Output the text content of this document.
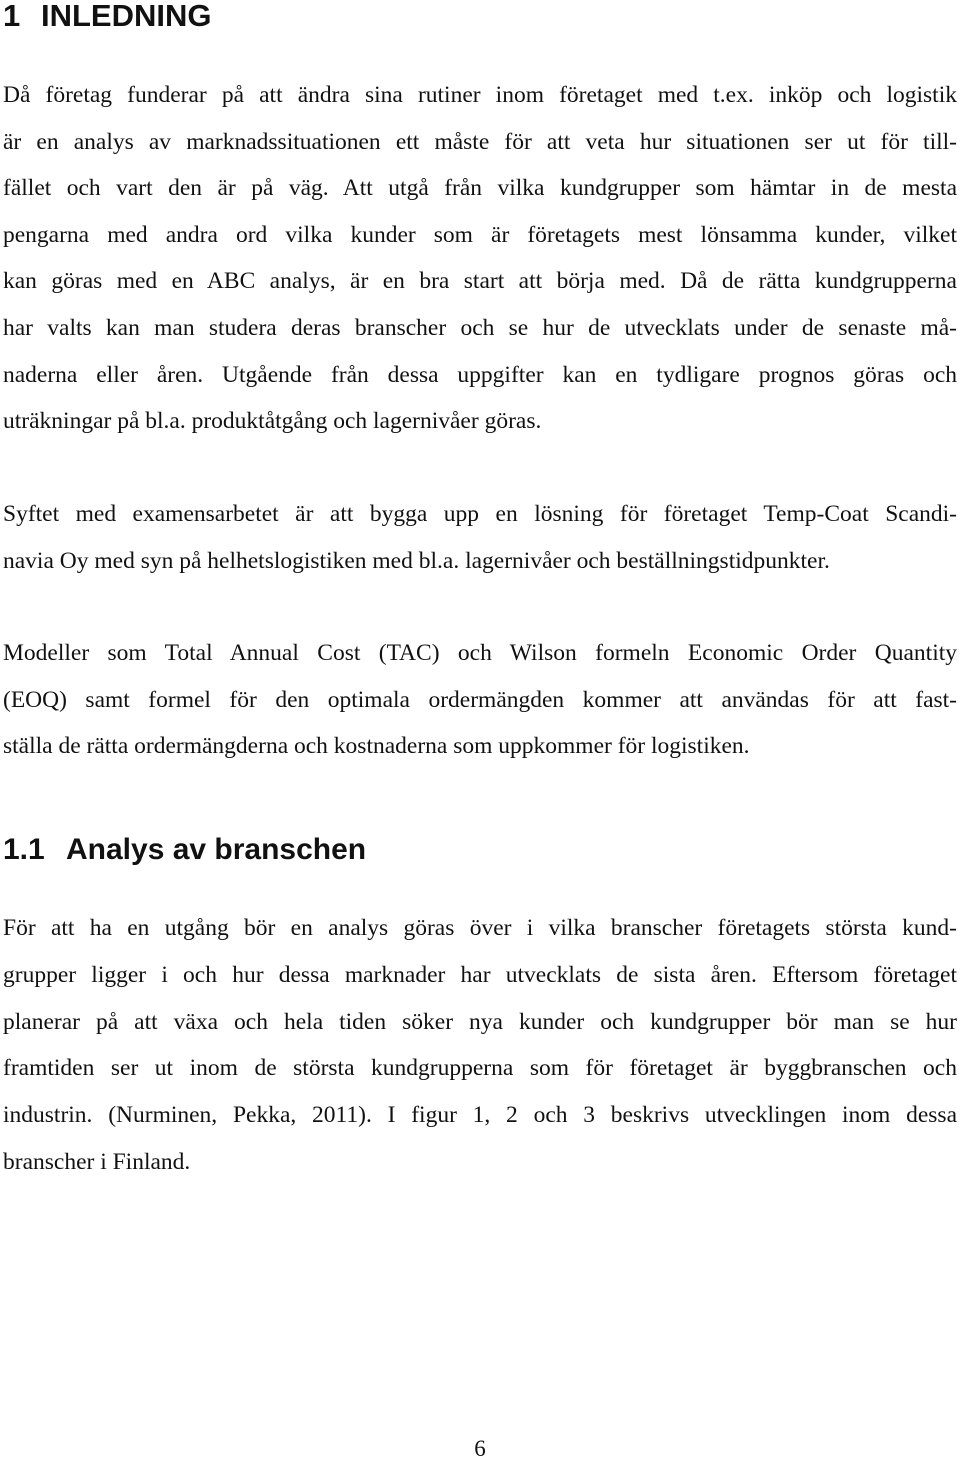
1 INLEDNING

Då företag funderar på att ändra sina rutiner inom företaget med t.ex. inköp och logistik
är en analys av marknadssituationen ett måste för att veta hur situationen ser ut för till-
fället och vart den är på väg. Att utgå från vilka kundgrupper som hämtar in de mesta
pengarna med andra ord vilka kunder som är företagets mest lönsamma kunder, vilket
kan göras med en ABC analys, är en bra start att börja med. Då de rätta kundgrupperna
har valts kan man studera deras branscher och se hur de utvecklats under de senaste må-
naderna eller åren. Utgående från dessa uppgifter kan en tydligare prognos göras och
uträkningar på bl.a. produktåtgång och lagernivåer göras.

Syftet med examensarbetet är att bygga upp en lösning för företaget Temp-Coat Scandi-
navia Oy med syn på helhetslogistiken med bl.a. lagernivåer och beställningstidpunkter.

Modeller som Total Annual Cost (TAC) och Wilson formeln Economic Order Quantity
(EOQ) samt formel för den optimala ordermängden kommer att användas för att fast-
ställa de rätta ordermängderna och kostnaderna som uppkommer för logistiken.

1.1 Analys av branschen

För att ha en utgång bör en analys göras över i vilka branscher företagets största kund-
grupper ligger i och hur dessa marknader har utvecklats de sista åren. Eftersom företaget
planerar på att växa och hela tiden söker nya kunder och kundgrupper bör man se hur
framtiden ser ut inom de största kundgrupperna som för företaget är byggbranschen och
industrin. (Nurminen, Pekka, 2011). I figur 1, 2 och 3 beskrivs utvecklingen inom dessa
branscher i Finland.

6
